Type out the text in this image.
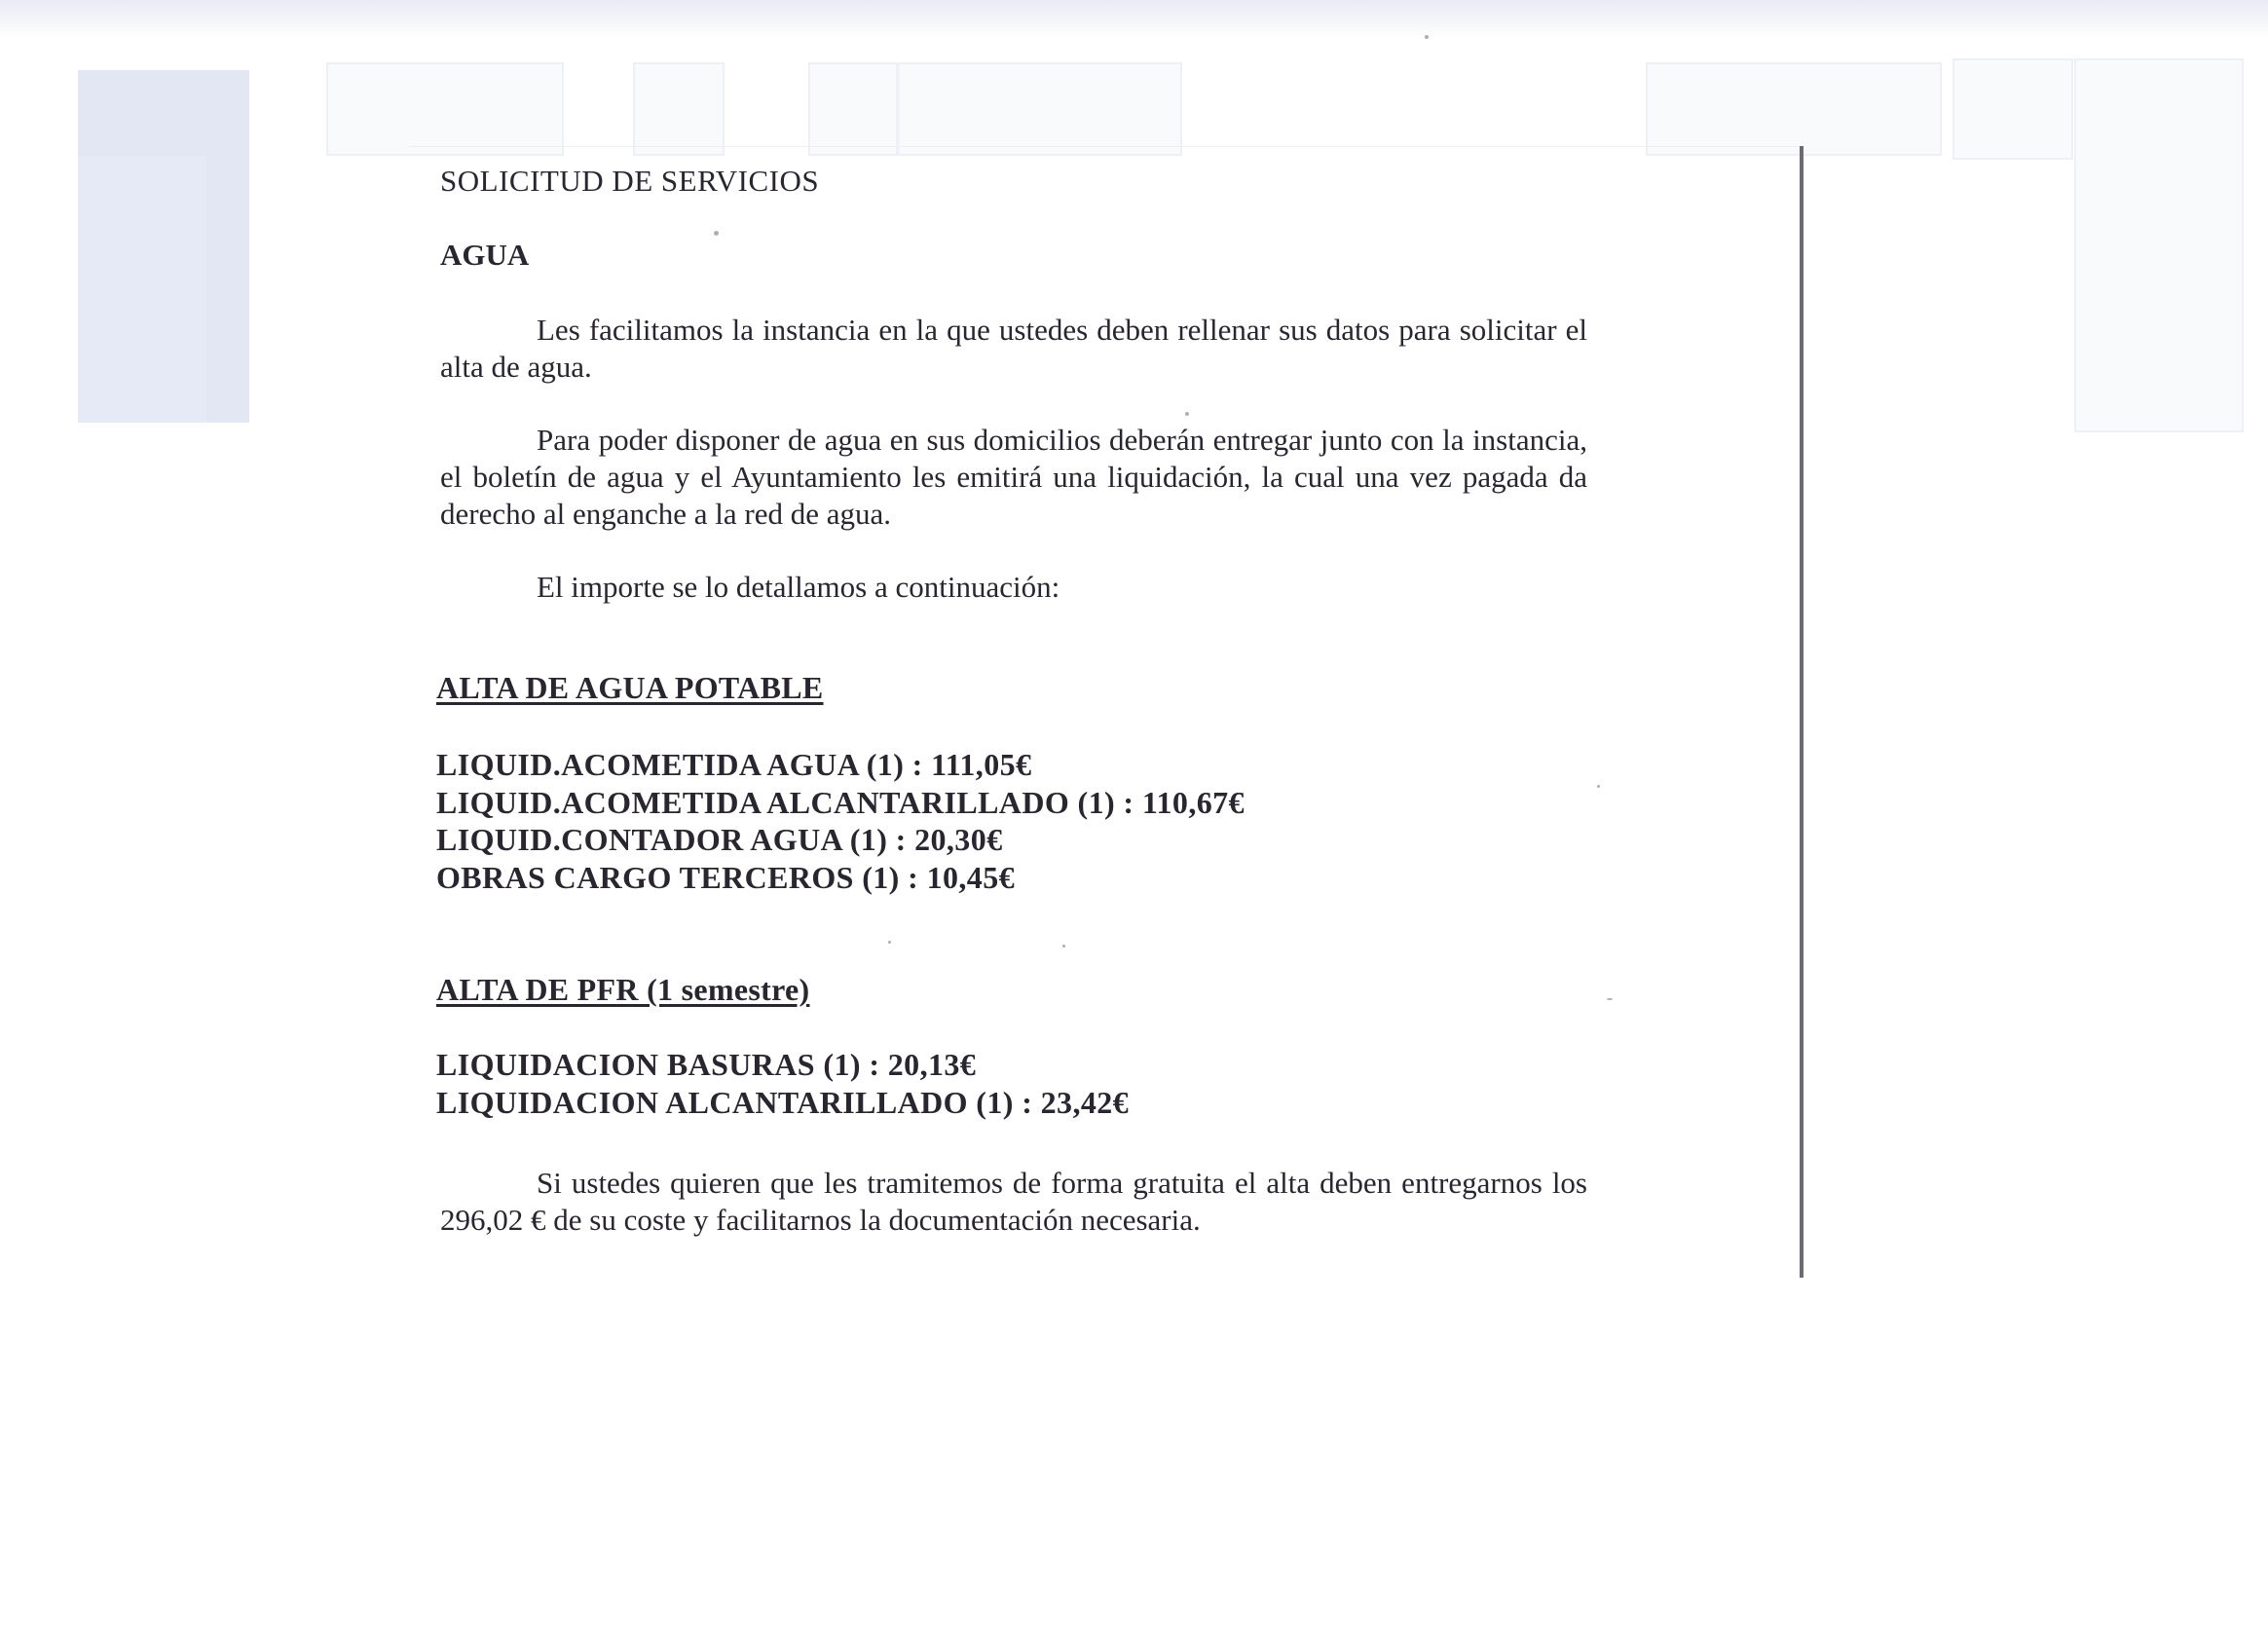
SOLICITUD DE SERVICIOS
AGUA

Les facilitamos la instancia en la que ustedes deben rellenar sus datos para solicitar el alta de agua.

Para poder disponer de agua en sus domicilios deberán entregar junto con la instancia, el boletín de agua y el Ayuntamiento les emitirá una liquidación, la cual una vez pagada da derecho al enganche a la red de agua.

El importe se lo detallamos a continuación:

ALTA DE AGUA POTABLE
LIQUID.ACOMETIDA AGUA (1) : 111,05€
LIQUID.ACOMETIDA ALCANTARILLADO (1) : 110,67€
LIQUID.CONTADOR AGUA (1) : 20,30€
OBRAS CARGO TERCEROS (1) : 10,45€
ALTA DE PFR (1 semestre)
LIQUIDACION BASURAS (1) : 20,13€
LIQUIDACION ALCANTARILLADO (1) : 23,42€

Si ustedes quieren que les tramitemos de forma gratuita el alta deben entregarnos los 296,02 € de su coste y facilitarnos la documentación necesaria.
